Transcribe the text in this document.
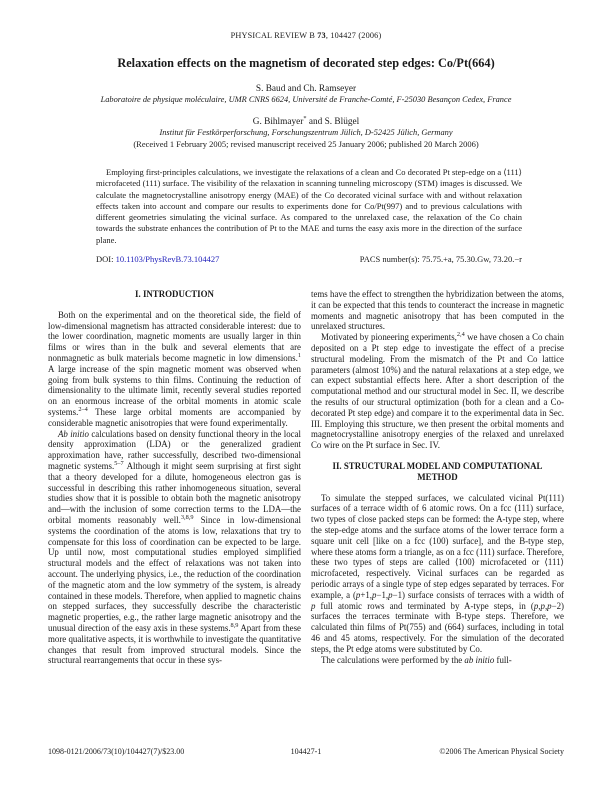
PHYSICAL REVIEW B 73, 104427 (2006)
Relaxation effects on the magnetism of decorated step edges: Co/Pt(664)
S. Baud and Ch. Ramseyer
Laboratoire de physique moléculaire, UMR CNRS 6624, Université de Franche-Comté, F-25030 Besançon Cedex, France
G. Bihlmayer* and S. Blügel
Institut für Festkörperforschung, Forschungszentrum Jülich, D-52425 Jülich, Germany
(Received 1 February 2005; revised manuscript received 25 January 2006; published 20 March 2006)
Employing first-principles calculations, we investigate the relaxations of a clean and Co decorated Pt step-edge on a ⟨111⟩ microfaceted (111) surface. The visibility of the relaxation in scanning tunneling microscopy (STM) images is discussed. We calculate the magnetocrystalline anisotropy energy (MAE) of the Co decorated vicinal surface with and without relaxation effects taken into account and compare our results to experiments done for Co/Pt(997) and to previous calculations with different geometries simulating the vicinal surface. As compared to the unrelaxed case, the relaxation of the Co chain towards the substrate enhances the contribution of Pt to the MAE and turns the easy axis more in the direction of the surface plane.
DOI: 10.1103/PhysRevB.73.104427	PACS number(s): 75.75.+a, 75.30.Gw, 73.20.−r
I. INTRODUCTION

Both on the experimental and on the theoretical side, the field of low-dimensional magnetism has attracted considerable interest: due to the lower coordination, magnetic moments are usually larger in thin films or wires than in the bulk and several elements that are nonmagnetic as bulk materials become magnetic in low dimensions.$^1$ A large increase of the spin magnetic moment was observed when going from bulk systems to thin films. Continuing the reduction of dimensionality to the ultimate limit, recently several studies reported on an enormous increase of the orbital moments in atomic scale systems.$^{2-4}$ These large orbital moments are accompanied by considerable magnetic anisotropies that were found experimentally.

Ab initio calculations based on density functional theory in the local density approximation (LDA) or the generalized gradient approximation have, rather successfully, described two-dimensional magnetic systems.$^{5-7}$ Although it might seem surprising at first sight that a theory developed for a dilute, homogeneous electron gas is successful in describing this rather inhomogeneous situation, several studies show that it is possible to obtain both the magnetic anisotropy and—with the inclusion of some correction terms to the LDA—the orbital moments reasonably well.$^{3,8,9}$ Since in low-dimensional systems the coordination of the atoms is low, relaxations that try to compensate for this loss of coordination can be expected to be large. Up until now, most computational studies employed simplified structural models and the effect of relaxations was not taken into account. The underlying physics, i.e., the reduction of the coordination of the magnetic atom and the low symmetry of the system, is already contained in these models. Therefore, when applied to magnetic chains on stepped surfaces, they successfully describe the characteristic magnetic properties, e.g., the rather large magnetic anisotropy and the unusual direction of the easy axis in these systems.$^{8,9}$ Apart from these more qualitative aspects, it is worthwhile to investigate the quantitative changes that result from improved structural models. Since the structural rearrangements that occur in these sys-

tems have the effect to strengthen the hybridization between the atoms, it can be expected that this tends to counteract the increase in magnetic moments and magnetic anisotropy that has been computed in the unrelaxed structures.

Motivated by pioneering experiments,$^{2,4}$ we have chosen a Co chain deposited on a Pt step edge to investigate the effect of a precise structural modeling. From the mismatch of the Pt and Co lattice parameters (almost 10%) and the natural relaxations at a step edge, we can expect substantial effects here. After a short description of the computational method and our structural model in Sec. II, we describe the results of our structural optimization (both for a clean and a Co-decorated Pt step edge) and compare it to the experimental data in Sec. III. Employing this structure, we then present the orbital moments and magnetocrystalline anisotropy energies of the relaxed and unrelaxed Co wire on the Pt surface in Sec. IV.

II. STRUCTURAL MODEL AND COMPUTATIONAL METHOD

To simulate the stepped surfaces, we calculated vicinal Pt(111) surfaces of a terrace width of 6 atomic rows. On a fcc (111) surface, two types of close packed steps can be formed: the A-type step, where the step-edge atoms and the surface atoms of the lower terrace form a square unit cell [like on a fcc (100) surface], and the B-type step, where these atoms form a triangle, as on a fcc (111) surface. Therefore, these two types of steps are called ⟨100⟩ microfaceted or ⟨111⟩ microfaceted, respectively. Vicinal surfaces can be regarded as periodic arrays of a single type of step edges separated by terraces. For example, a (p+1,p−1,p−1) surface consists of terraces with a width of p full atomic rows and terminated by A-type steps, in (p,p,p−2) surfaces the terraces terminate with B-type steps. Therefore, we calculated thin films of Pt(755) and (664) surfaces, including in total 46 and 45 atoms, respectively. For the simulation of the decorated steps, the Pt edge atoms were substituted by Co.

The calculations were performed by the ab initio full-

1098-0121/2006/73(10)/104427(7)/$23.00	104427-1	©2006 The American Physical Society
